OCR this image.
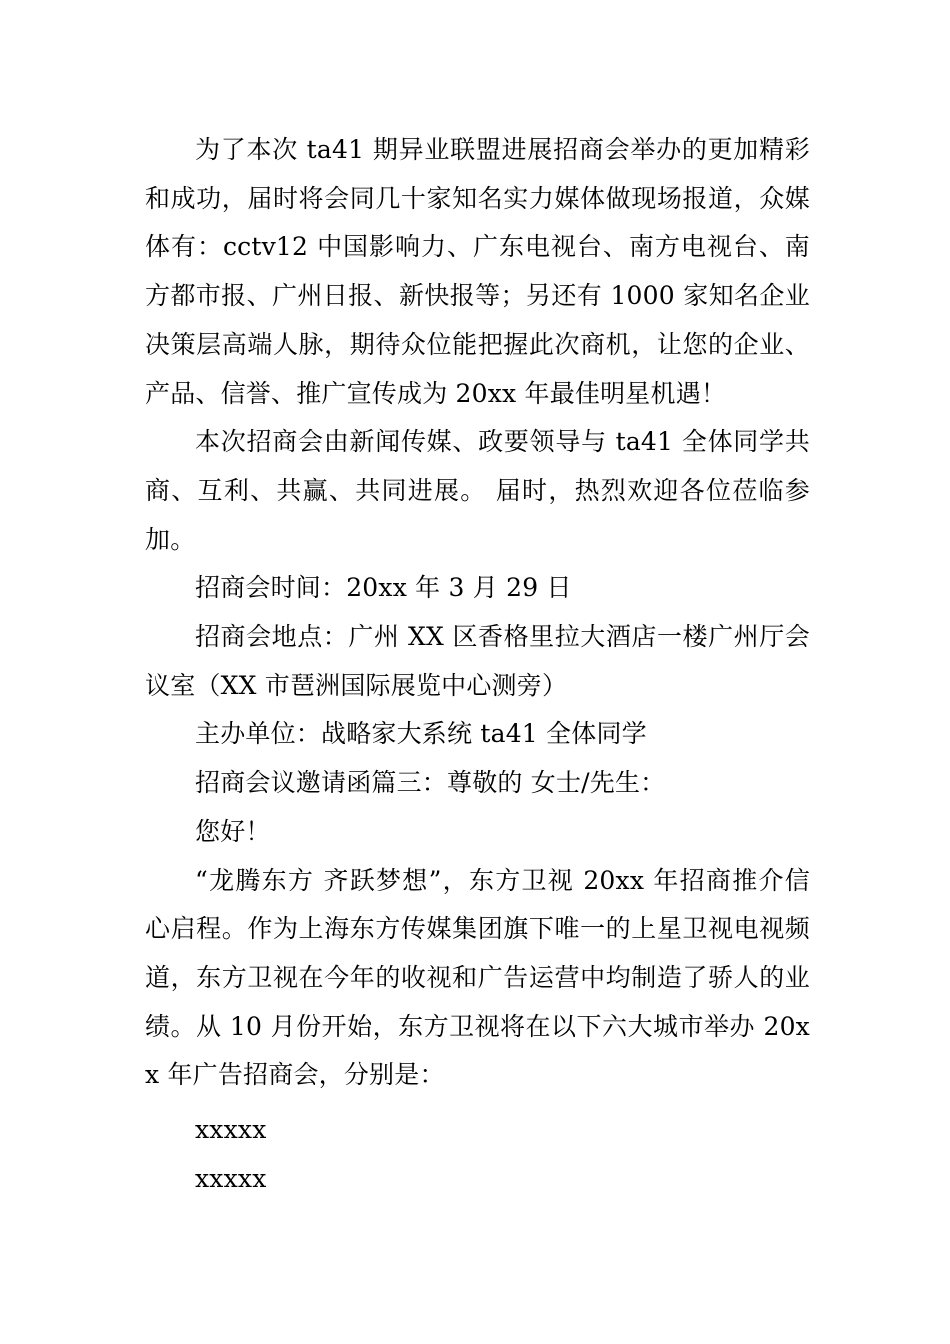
为了本次 ta41 期异业联盟进展招商会举办的更加精彩和成功，届时将会同几十家知名实力媒体做现场报道，众媒体有：cctv12 中国影响力、广东电视台、南方电视台、南方都市报、广州日报、新快报等；另还有 1000 家知名企业决策层高端人脉，期待众位能把握此次商机，让您的企业、产品、信誉、推广宣传成为 20xx 年最佳明星机遇！

本次招商会由新闻传媒、政要领导与 ta41 全体同学共商、互利、共赢、共同进展。 届时，热烈欢迎各位莅临参加。

招商会时间：20xx 年 3 月 29 日

招商会地点：广州 XX 区香格里拉大酒店一楼广州厅会议室（XX 市琶洲国际展览中心测旁）

主办单位：战略家大系统 ta41 全体同学

招商会议邀请函篇三：尊敬的 女士/先生：

您好！

“龙腾东方 齐跃梦想”，东方卫视 20xx 年招商推介信心启程。作为上海东方传媒集团旗下唯一的上星卫视电视频道，东方卫视在今年的收视和广告运营中均制造了骄人的业绩。从 10 月份开始，东方卫视将在以下六大城市举办 20xx 年广告招商会，分别是：

xxxxx

xxxxx
